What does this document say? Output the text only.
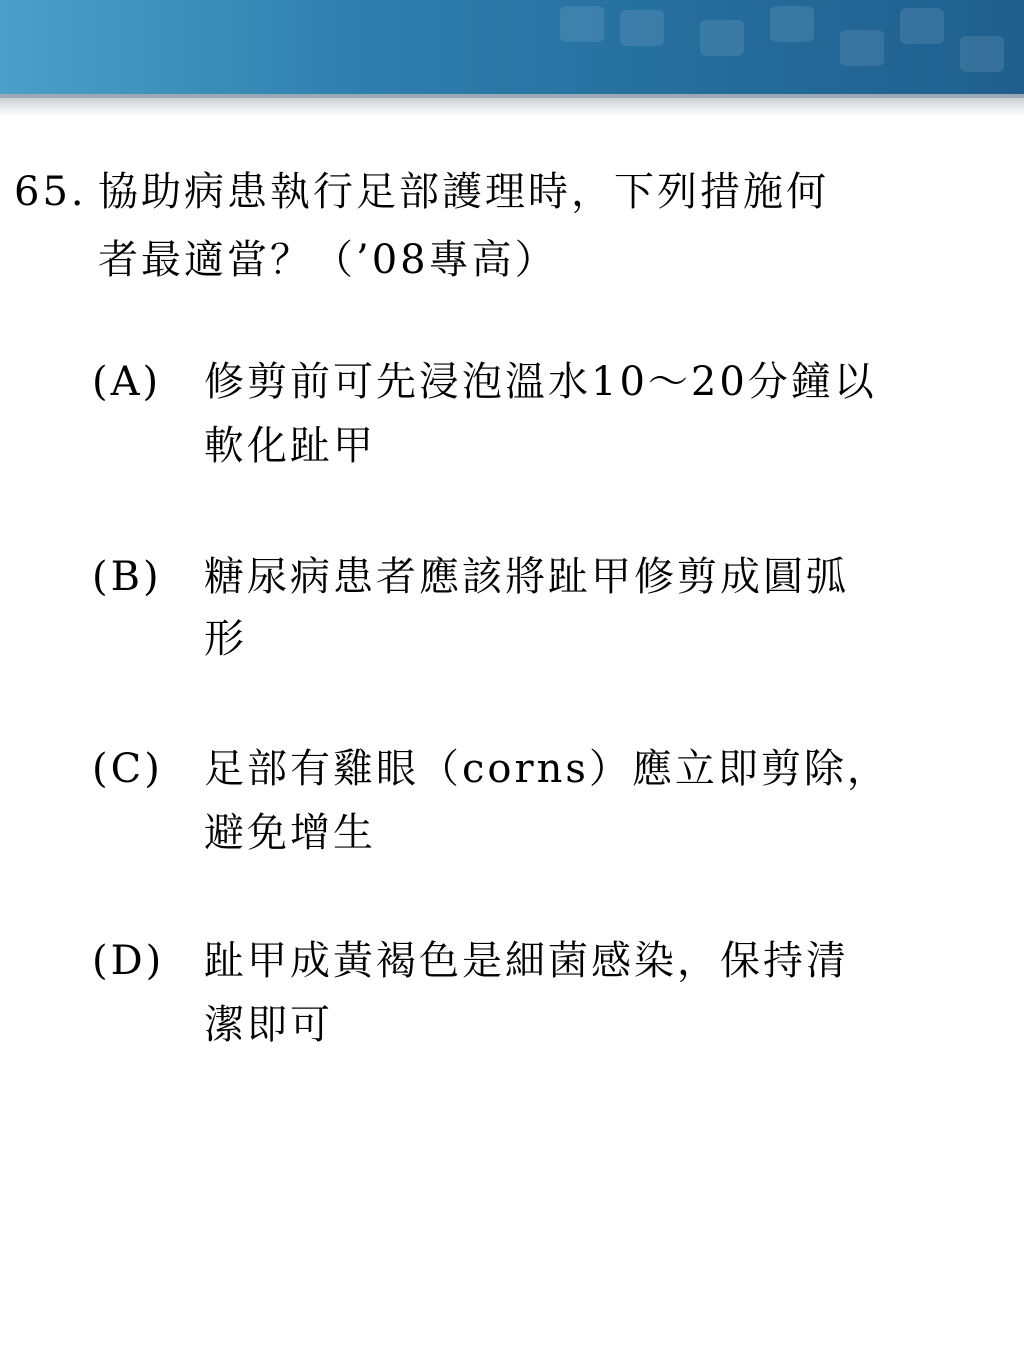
65. 協助病患執行足部護理時，下列措施何
者最適當？（’08專高）
(A) 修剪前可先浸泡溫水10～20分鐘以
軟化趾甲
(B) 糖尿病患者應該將趾甲修剪成圓弧
形
(C) 足部有雞眼（corns）應立即剪除，
避免增生
(D) 趾甲成黃褐色是細菌感染，保持清
潔即可
